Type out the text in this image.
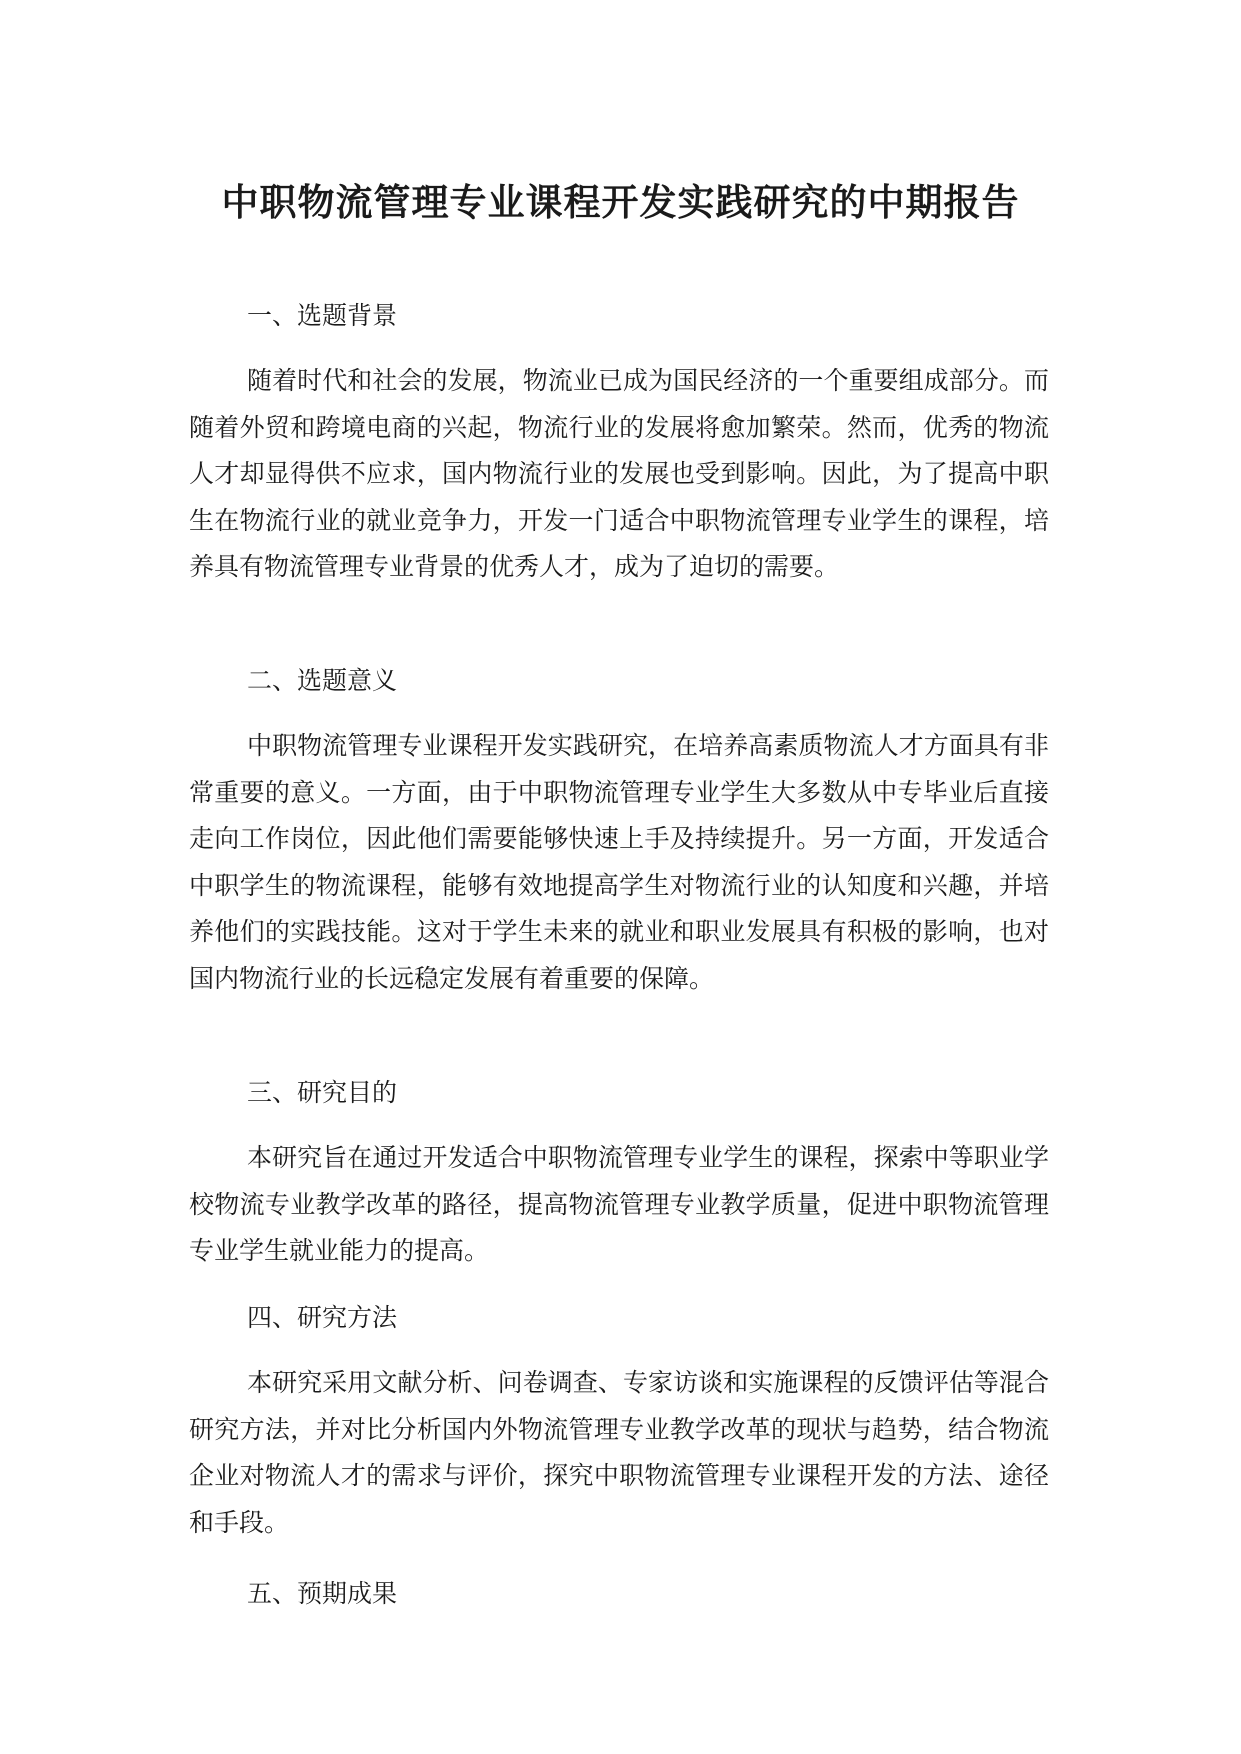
中职物流管理专业课程开发实践研究的中期报告
一、选题背景

随着时代和社会的发展，物流业已成为国民经济的一个重要组成部分。而随着外贸和跨境电商的兴起，物流行业的发展将愈加繁荣。然而，优秀的物流人才却显得供不应求，国内物流行业的发展也受到影响。因此，为了提高中职生在物流行业的就业竞争力，开发一门适合中职物流管理专业学生的课程，培养具有物流管理专业背景的优秀人才，成为了迫切的需要。

二、选题意义

中职物流管理专业课程开发实践研究，在培养高素质物流人才方面具有非常重要的意义。一方面，由于中职物流管理专业学生大多数从中专毕业后直接走向工作岗位，因此他们需要能够快速上手及持续提升。另一方面，开发适合中职学生的物流课程，能够有效地提高学生对物流行业的认知度和兴趣，并培养他们的实践技能。这对于学生未来的就业和职业发展具有积极的影响，也对国内物流行业的长远稳定发展有着重要的保障。

三、研究目的

本研究旨在通过开发适合中职物流管理专业学生的课程，探索中等职业学校物流专业教学改革的路径，提高物流管理专业教学质量，促进中职物流管理专业学生就业能力的提高。

四、研究方法

本研究采用文献分析、问卷调查、专家访谈和实施课程的反馈评估等混合研究方法，并对比分析国内外物流管理专业教学改革的现状与趋势，结合物流企业对物流人才的需求与评价，探究中职物流管理专业课程开发的方法、途径和手段。

五、预期成果
